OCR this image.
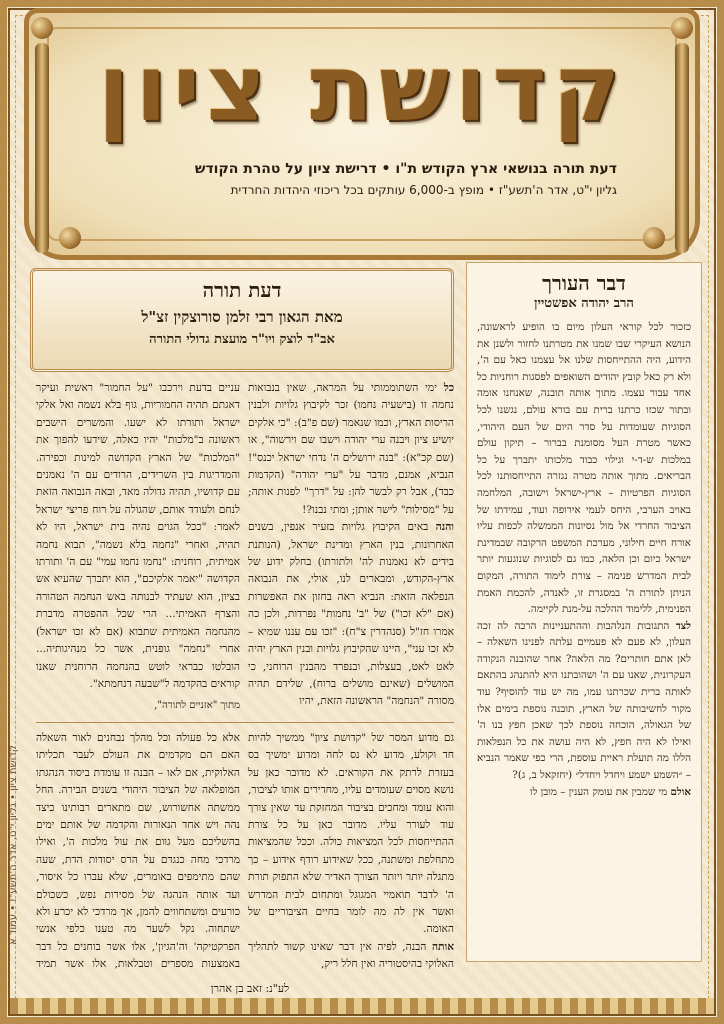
קדושת ציון
דעת תורה בנושאי ארץ הקודש ת"ו • דרישת ציון על טהרת הקודש
גליון י"ט, אדר ה'תשע"ז • מופץ ב-6,000 עותקים בכל ריכוזי היהדות החרדית
דבר העורך
הרב יהודה אפשטיין

כזכור לכל קוראי העלון מיום בו הופיע לראשונה, הנושא העיקרי שבו שמנו את מטרתנו לחזור ולשנן את הידוע, היה ההתייחסות שלנו אל עצמנו כאל עם ה', ולא רק כאל קובץ יהודים השואפים לפסגות רוחניות כל אחד עבור עצמו. מתוך אותה תובנה, שאנחנו אומה ובתור שכזו כרתנו ברית עם בורא עולם, נגשנו לכל הסוגיות שעומדות על סדר היום של העם היהודי, כאשר מטרת העל מסומנת בברור – תיקון עולם במלכות ש-ד-י וגילוי כבוד מלכותו יתברך על כל הבריאים. מתוך אותה מטרה נגזרה התייחסותנו לכל הסוגיות הפרטיות – ארץ-ישראל וישובה, המלחמה באויב הערבי, היחס לעמי אירופה ועוד, עמידתו של הציבור החרדי אל מול נסיונות הממשלה לכפות עליו אורח חיים חילוני, מערכת המשפט הרקובה שבמדינת ישראל כיום וכן הלאה, כמו גם לסוגיות שנוגעות יותר לבית המדרש פנימה – צורת לימוד התורה, המקום הניתן לתורת ה' במסגרת זו, לאנדה, להכמת האמת הפנימית, ללימוד ההלכה על-מנת לקיימה.

לצד התגובות הנלהבות וההתעניינות הרבה לה זכה העלון, לא פעם לא פעמיים עלתה לפנינו השאלה – לאן אתם חותרים? מה הלאה? אחר שהובנה הנקודה העקרונית, שאנו עם ה' ושהובתנו היא להתנהג בהתאם לאותה ברית שכרתנו עמו, מה יש עוד להוסיף? עוד מקור לחשיבותה של הארץ, תובנה נוספת בימים אלו של הגאולה, הוכחה נוספת לכך שאכן חפץ בנו ה' ואילו לא היה חפץ, לא היה עושה את כל הנפלאות הללו מה תועלת ראיית עוספת, הרי כפי שאמר הנביא – ״השמע ישמע ויחדל ויחדל״ (יחזקאל ב, ג)?

אולם מי שמבין את עומק הענין – מובן לו

דעת תורה
מאת הגאון רבי זלמן סורוצקין זצ"ל
אב"ד לוצק ויו"ר מועצת גדולי התורה

כל ימי השתוממותי על המראה, שאין בנבואות נחמה זו (בישעיה נחמו) זכר לקיבוץ גלויות ולבנין הריסות הארץ, וכמו שנאמר (שם פ"ב): "כי אלקים יושיע ציון ויבנה ערי יהודה וישבו שם וירשוה", או (שם קכ"א): "בנה ירושלים ה' נדחי ישראל יכנס"! הנביא, אמנם, מדבר על "ערי יהודה" (הקדמות כבד), אבל רק לבשר להן: על "דרך" לפנות אותה; על "מסילות" לישר אותן; ומתי נבנו?!

והנה באים הקיבוץ גלויות בזעיר אנפין, בשנים האחרונות, בנין הארץ ומדינת ישראל, (הנותנת בידים לא נאמנות לה' ולתורתו) בחלק ידוע של ארץ-הקודש, ומבארים לנו, אולי, את הנבואה הנפלאה הזאת: הנביא ראה בחזון את האפשרות (אם "לא זכו") של "ב' נחמות" נפרדות, ולכן כה אמרו חז"ל (סנהדרין צ"ח): "זכו עם עננו שמיא – לא זכו עני", היינו שהקיבוץ גלויות ובנין הארץ יהיה לאט לאט, בעצלות, ובנפרד מהבנין הרוחני, כי המושלים (שאינם מושלים ברוח), שלידם תהיה מסורה "הנחמה" הראשונה הזאת, יהיו

עניים בדעת וירכבו "על החמור" ראשית ועיקר דאגתם תהיה החמוריות, גוף בלא נשמה ואל אלקי ישראל ותורתו לא ישעו. והמשרים הישבים ראשונה ב"מלכות" יהיו כאלה, שידעו להפוך את "המלכות" של הארץ הקדושה למינות וכפירה. והמדריגות בין השרידים, הרודים עם ה' נאמנים עם קדושיו, תהיה גדולה מאד, ובאה הנבואה הזאת לנחם ולעודד אותם, שהגולה על רוח פריצי ישראל לאמר: "ככל הגוים נהיה בית ישראל, היו לא תהיה, ואחרי "נחמה בלא נשמה", תבוא נחמה אמיתית, רוחנית: "נחמו נחמו עמי" עם ה' ותורתו הקדושה "יאמר אלקיכם", הוא יתברך שהעיא אש בציון, הוא שעתיד לבנותה באש הנחמה הטהורה והצרף האמיתי... הרי שכל ההפטרה מדברת מהנחמה האמיתית שתבוא (אם לא זכו ישראל) אחרי "נחמה" גופנית, אשר כל מנהיגותיה... הובלטו כבראי לוטש בהנחמה הרוחנית שאנו קוראים בהקדמה ל"שבעה דנחמתא".

מתוך "אזניים לתורה",

גם מדוע המסר של "קדושת ציון" ממשיך להיות חד וקולע, מדוע לא נס לחה ומדוע ימשיך בס בעזרת לרתק את הקוראים. לא מדובר כאן על נושא מסוים שעומדים עליו, מחדירים אותו לציבור, והוא עומד ומחכים בציבור המחזקת עד שאין צורך עוד לעורר עליו. מדובר כאן על כל צורת ההתייחסות לכל המציאות כולה. וככל שהמציאות מתחלפת ומשתנה, ככל שאידוע רודף אידוע – כך מתגלה יותר ויותר הצורך האדיר שלא התפוק תורת ה' לדבר תואמיי המגוגל ומתחום לבית המדרש ואשר אין לה מה לומר בחיים הציבוריים של האומה.

אותה הבנה, לפיה אין דבר שאינו קשור לתהליך האלוקי בהיסטוריה ואין חלל ריק,

אלא כל פעולה וכל מהלך נבחנים לאור השאלה האם הם מקדמים את העולם לעבר תכליתו האלוקית, אם לאו – הבנה זו עומדת ביסוד הנהגתו המופלאה של הציבור היהודי בשנים הבירה. החל ממשתה אחשורוש, שם מתארים רבותינו כיצד נהה ויש אחד הנאורות והקדמה של אותם ימים בהשליכם מעל גוום את עול מלכות ה', ואילו מרדכי מחה כנגדם על הרס יסודות הדת, שעה שהם מתימפים באומרים, שלא עברו כל איסור, ועד אותה הנהגה של מסירות נפש, כשכולם כורעים ומשתחווים להמן, אך מרדכי לא יכרע ולא ישתחוה. נקל לשער מה טענו כלפי אנשי הפרקטיקה' וה'הגיון', אלו אשר בוחנים כל דבר באמצעות מספרים וטבלאות, אלו אשר תמיד

לע"נ: זאב בן אהרן
קדושת ציון • גליון י"ט, אדר ה'תשע"ז • עמוד א
